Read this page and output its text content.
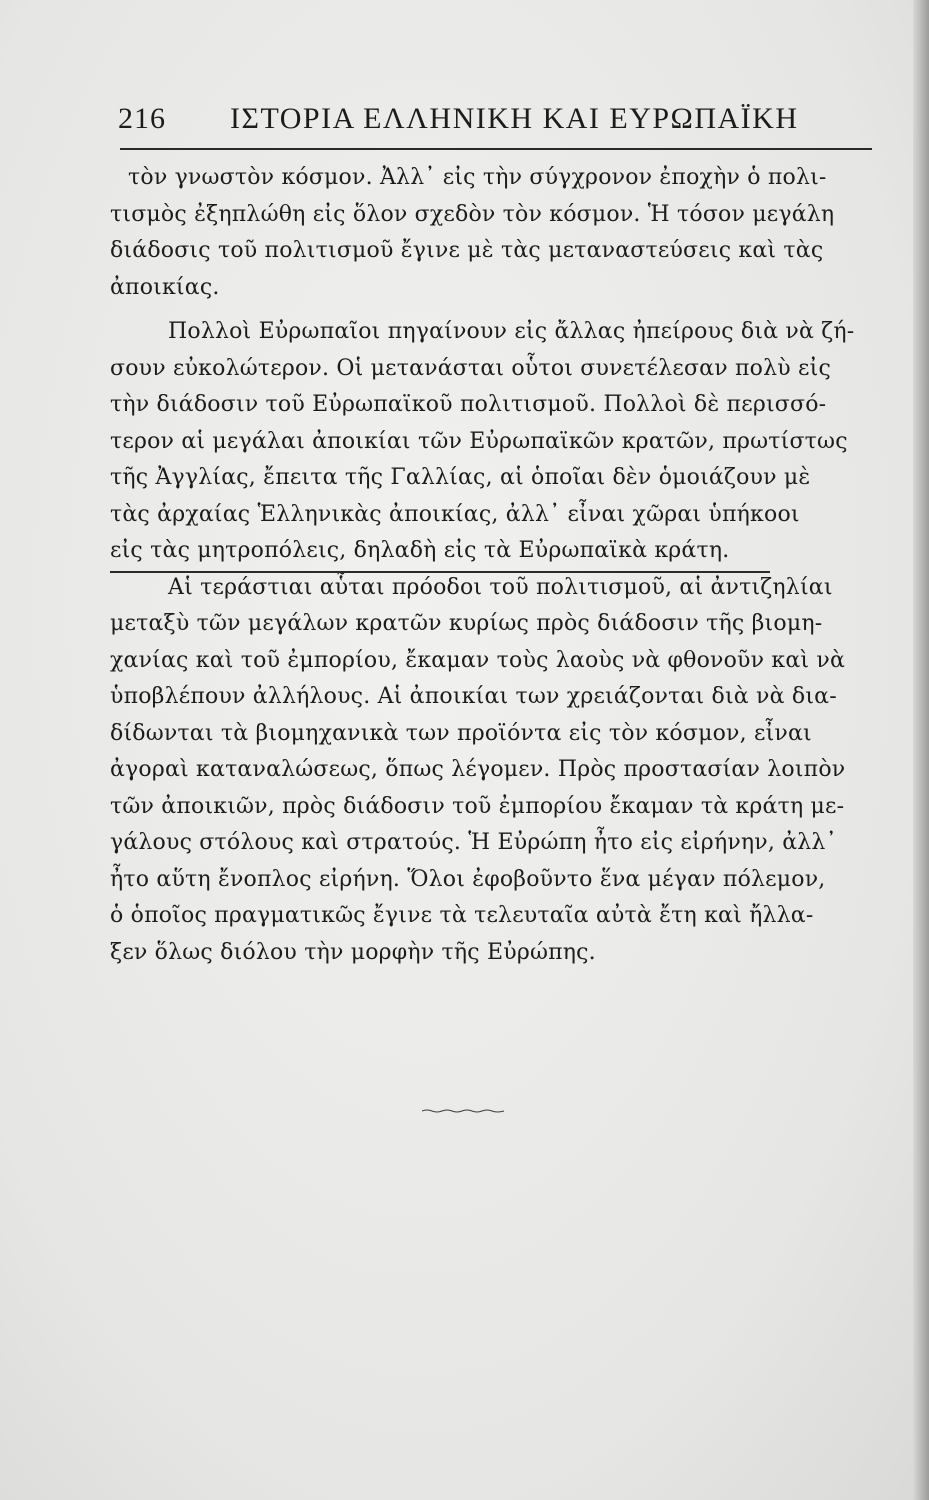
216 ΙΣΤΟΡΙΑ ΕΛΛΗΝΙΚΗ ΚΑΙ ΕΥΡΩΠΑΪΚΗ
τὸν γνωστὸν κόσμον. Ἀλλ᾽ εἰς τὴν σύγχρονον ἐποχὴν ὁ πολι-
τισμὸς ἐξηπλώθη εἰς ὅλον σχεδὸν τὸν κόσμον. Ἡ τόσον μεγάλη
διάδοσις τοῦ πολιτισμοῦ ἔγινε μὲ τὰς μεταναστεύσεις καὶ τὰς
ἀποικίας.
Πολλοὶ Εὐρωπαῖοι πηγαίνουν εἰς ἄλλας ἠπείρους διὰ νὰ ζή-
σουν εὐκολώτερον. Οἱ μετανάσται οὗτοι συνετέλεσαν πολὺ εἰς
τὴν διάδοσιν τοῦ Εὐρωπαϊκοῦ πολιτισμοῦ. Πολλοὶ δὲ περισσό-
τερον αἱ μεγάλαι ἀποικίαι τῶν Εὐρωπαϊκῶν κρατῶν, πρωτίστως
τῆς Ἀγγλίας, ἔπειτα τῆς Γαλλίας, αἱ ὁποῖαι δὲν ὁμοιάζουν μὲ
τὰς ἀρχαίας Ἑλληνικὰς ἀποικίας, ἀλλ᾽ εἶναι χῶραι ὑπήκοοι
εἰς τὰς μητροπόλεις, δηλαδὴ εἰς τὰ Εὐρωπαϊκὰ κράτη.
Αἱ τεράστιαι αὗται πρόοδοι τοῦ πολιτισμοῦ, αἱ ἀντιζηλίαι
μεταξὺ τῶν μεγάλων κρατῶν κυρίως πρὸς διάδοσιν τῆς βιομη-
χανίας καὶ τοῦ ἐμπορίου, ἔκαμαν τοὺς λαοὺς νὰ φθονοῦν καὶ νὰ
ὑποβλέπουν ἀλλήλους. Αἱ ἀποικίαι των χρειάζονται διὰ νὰ δια-
δίδωνται τὰ βιομηχανικὰ των προϊόντα εἰς τὸν κόσμον, εἶναι
ἀγοραὶ καταναλώσεως, ὅπως λέγομεν. Πρὸς προστασίαν λοιπὸν
τῶν ἀποικιῶν, πρὸς διάδοσιν τοῦ ἐμπορίου ἔκαμαν τὰ κράτη με-
γάλους στόλους καὶ στρατούς. Ἡ Εὐρώπη ἦτο εἰς εἰρήνην, ἀλλ᾽
ἦτο αὕτη ἔνοπλος εἰρήνη. Ὅλοι ἐφοβοῦντο ἕνα μέγαν πόλεμον,
ὁ ὁποῖος πραγματικῶς ἔγινε τὰ τελευταῖα αὐτὰ ἔτη καὶ ἤλλα-
ξεν ὅλως διόλου τὴν μορφὴν τῆς Εὐρώπης.
